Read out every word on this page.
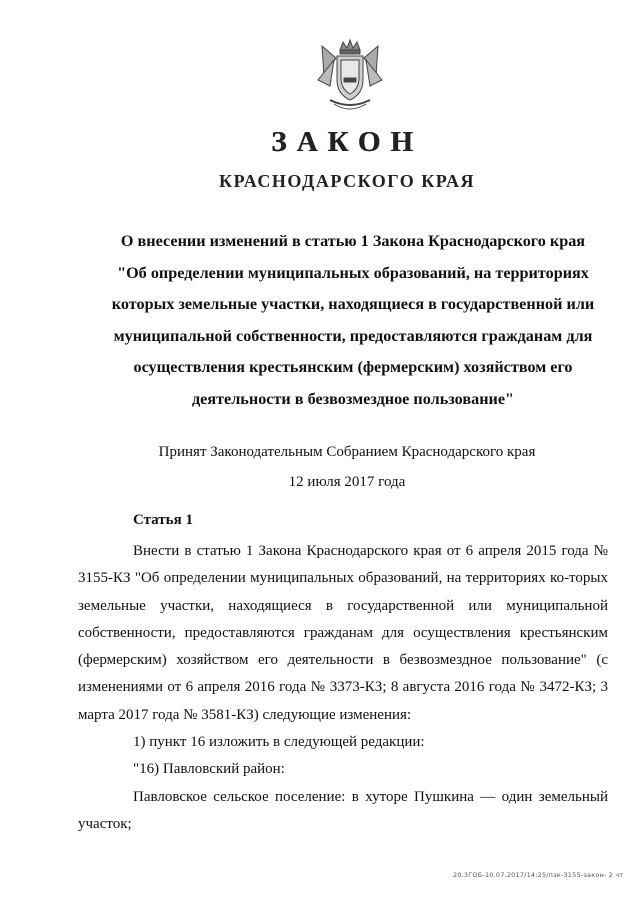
ЗАКОН
КРАСНОДАРСКОГО КРАЯ
О внесении изменений в статью 1 Закона Краснодарского края
"Об определении муниципальных образований, на территориях
которых земельные участки, находящиеся в государственной или
муниципальной собственности, предоставляются гражданам для
осуществления крестьянским (фермерским) хозяйством его
деятельности в безвозмездное пользование"
Принят Законодательным Собранием Краснодарского края
12 июля 2017 года
Статья 1

Внести в статью 1 Закона Краснодарского края от 6 апреля 2015 года № 3155-КЗ "Об определении муниципальных образований, на территориях ко-торых земельные участки, находящиеся в государственной или муниципальной собственности, предоставляются гражданам для осуществления крестьянским (фермерским) хозяйством его деятельности в безвозмездное пользование" (с изменениями от 6 апреля 2016 года № 3373-КЗ; 8 августа 2016 года № 3472-КЗ; 3 марта 2017 года № 3581-КЗ) следующие изменения:

1) пункт 16 изложить в следующей редакции:

"16) Павловский район:

Павловское сельское поселение: в хуторе Пушкина — один земельный участок;

20.3ГОБ-10.07.2017/14:25/пзк-3155-закон- 2 чт
